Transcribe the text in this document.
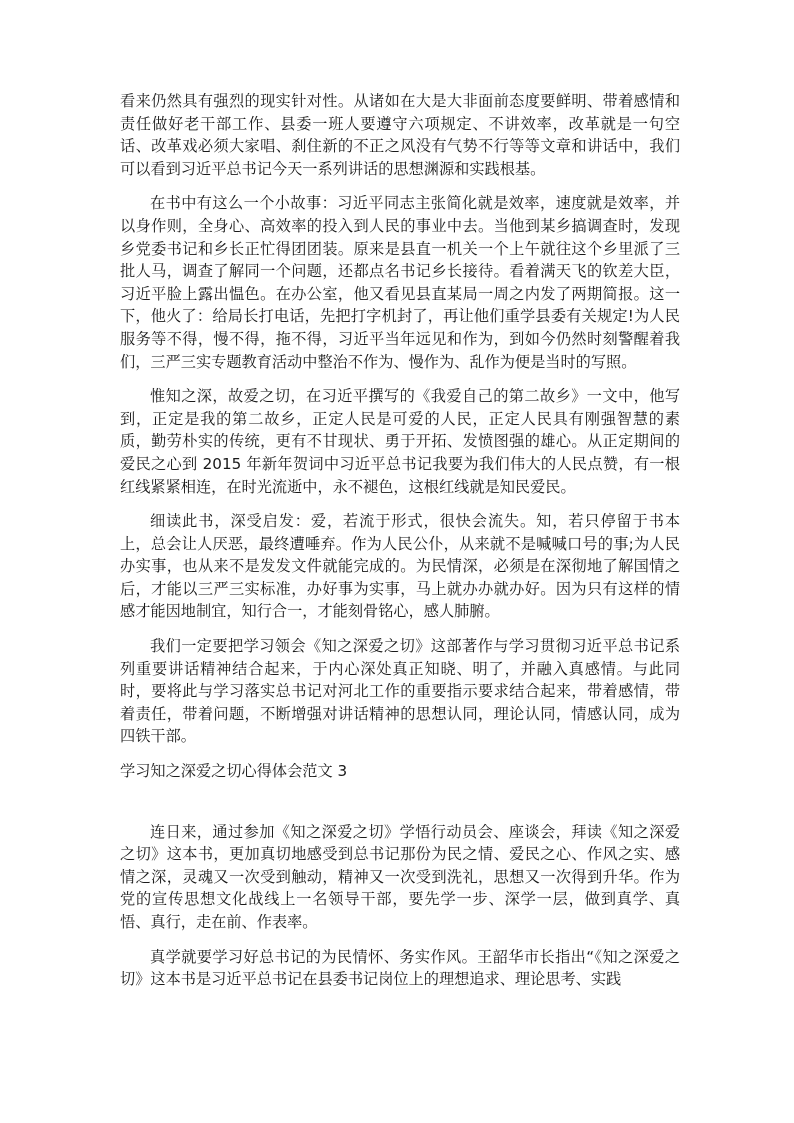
看来仍然具有强烈的现实针对性。从诸如在大是大非面前态度要鲜明、带着感情和责任做好老干部工作、县委一班人要遵守六项规定、不讲效率，改革就是一句空话、改革戏必须大家唱、刹住新的不正之风没有气势不行等等文章和讲话中，我们可以看到习近平总书记今天一系列讲话的思想渊源和实践根基。

在书中有这么一个小故事：习近平同志主张简化就是效率，速度就是效率，并以身作则，全身心、高效率的投入到人民的事业中去。当他到某乡搞调查时，发现乡党委书记和乡长正忙得团团装。原来是县直一机关一个上午就往这个乡里派了三批人马，调查了解同一个问题，还都点名书记乡长接待。看着满天飞的钦差大臣，习近平脸上露出愠色。在办公室，他又看见县直某局一周之内发了两期简报。这一下，他火了：给局长打电话，先把打字机封了，再让他们重学县委有关规定!为人民服务等不得，慢不得，拖不得，习近平当年远见和作为，到如今仍然时刻警醒着我们，三严三实专题教育活动中整治不作为、慢作为、乱作为便是当时的写照。

惟知之深，故爱之切，在习近平撰写的《我爱自己的第二故乡》一文中，他写到，正定是我的第二故乡，正定人民是可爱的人民，正定人民具有刚强智慧的素质，勤劳朴实的传统，更有不甘现状、勇于开拓、发愤图强的雄心。从正定期间的爱民之心到 2015 年新年贺词中习近平总书记我要为我们伟大的人民点赞，有一根红线紧紧相连，在时光流逝中，永不褪色，这根红线就是知民爱民。

细读此书，深受启发：爱，若流于形式，很快会流失。知，若只停留于书本上，总会让人厌恶，最终遭唾弃。作为人民公仆，从来就不是喊喊口号的事;为人民办实事，也从来不是发发文件就能完成的。为民情深，必须是在深彻地了解国情之后，才能以三严三实标准，办好事为实事，马上就办办就办好。因为只有这样的情感才能因地制宜，知行合一，才能刻骨铭心，感人肺腑。

我们一定要把学习领会《知之深爱之切》这部著作与学习贯彻习近平总书记系列重要讲话精神结合起来，于内心深处真正知晓、明了，并融入真感情。与此同时，要将此与学习落实总书记对河北工作的重要指示要求结合起来，带着感情，带着责任，带着问题，不断增强对讲话精神的思想认同，理论认同，情感认同，成为四铁干部。

学习知之深爱之切心得体会范文 3

连日来，通过参加《知之深爱之切》学悟行动员会、座谈会，拜读《知之深爱之切》这本书，更加真切地感受到总书记那份为民之情、爱民之心、作风之实、感情之深，灵魂又一次受到触动，精神又一次受到洗礼，思想又一次得到升华。作为党的宣传思想文化战线上一名领导干部，要先学一步、深学一层，做到真学、真悟、真行，走在前、作表率。

真学就要学习好总书记的为民情怀、务实作风。王韶华市长指出“《知之深爱之切》这本书是习近平总书记在县委书记岗位上的理想追求、理论思考、实践
